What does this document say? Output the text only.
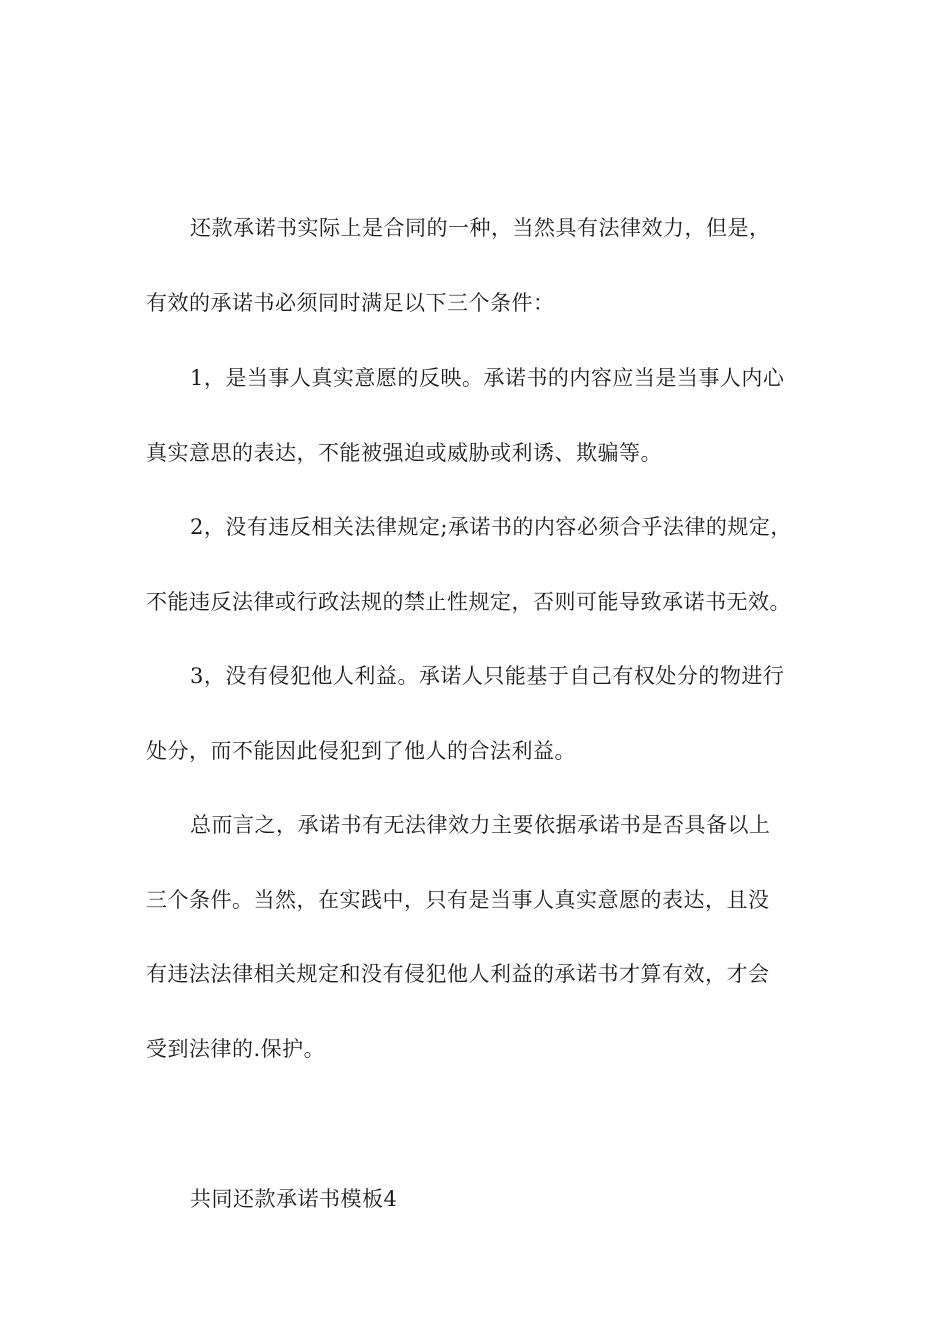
还款承诺书实际上是合同的一种，当然具有法律效力，但是，
有效的承诺书必须同时满足以下三个条件：
1，是当事人真实意愿的反映。承诺书的内容应当是当事人内心
真实意思的表达，不能被强迫或威胁或利诱、欺骗等。
2，没有违反相关法律规定;承诺书的内容必须合乎法律的规定，
不能违反法律或行政法规的禁止性规定，否则可能导致承诺书无效。
3，没有侵犯他人利益。承诺人只能基于自己有权处分的物进行
处分，而不能因此侵犯到了他人的合法利益。
总而言之，承诺书有无法律效力主要依据承诺书是否具备以上
三个条件。当然，在实践中，只有是当事人真实意愿的表达，且没
有违法法律相关规定和没有侵犯他人利益的承诺书才算有效，才会
受到法律的.保护。
共同还款承诺书模板4
